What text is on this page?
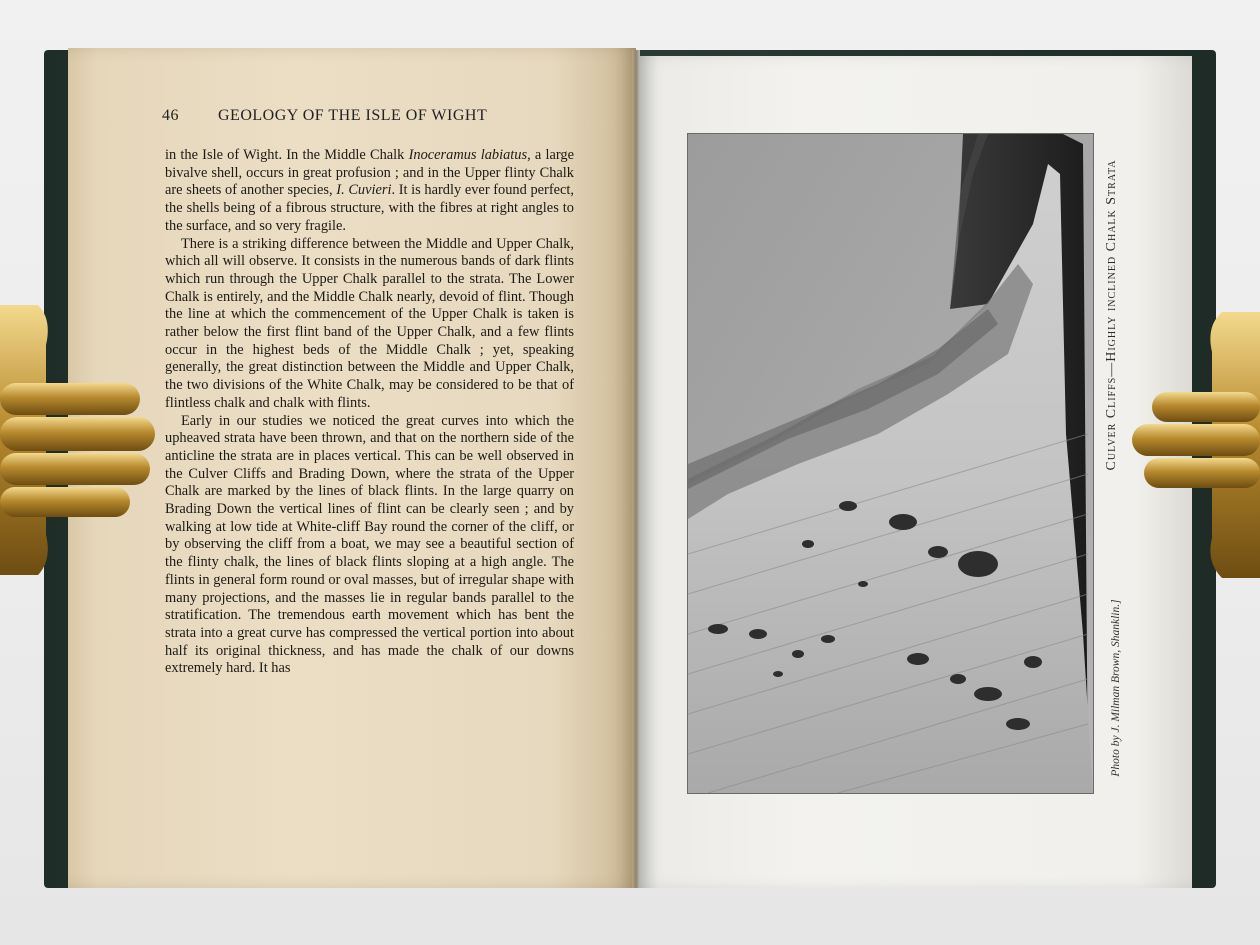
46 GEOLOGY OF THE ISLE OF WIGHT

in the Isle of Wight. In the Middle Chalk Inoceramus labiatus, a large bivalve shell, occurs in great profusion ; and in the Upper flinty Chalk are sheets of another species, I. Cuvieri. It is hardly ever found perfect, the shells being of a fibrous structure, with the fibres at right angles to the surface, and so very fragile.

There is a striking difference between the Middle and Upper Chalk, which all will observe. It consists in the numerous bands of dark flints which run through the Upper Chalk parallel to the strata. The Lower Chalk is entirely, and the Middle Chalk nearly, devoid of flint. Though the line at which the commencement of the Upper Chalk is taken is rather below the first flint band of the Upper Chalk, and a few flints occur in the highest beds of the Middle Chalk ; yet, speaking generally, the great distinction between the Middle and Upper Chalk, the two divisions of the White Chalk, may be considered to be that of flintless chalk and chalk with flints.

Early in our studies we noticed the great curves into which the upheaved strata have been thrown, and that on the northern side of the anticline the strata are in places vertical. This can be well observed in the Culver Cliffs and Brading Down, where the strata of the Upper Chalk are marked by the lines of black flints. In the large quarry on Brading Down the vertical lines of flint can be clearly seen ; and by walking at low tide at White-cliff Bay round the corner of the cliff, or by observing the cliff from a boat, we may see a beautiful section of the flinty chalk, the lines of black flints sloping at a high angle. The flints in general form round or oval masses, but of irregular shape with many projections, and the masses lie in regular bands parallel to the stratification. The tremendous earth movement which has bent the strata into a great curve has compressed the vertical portion into about half its original thickness, and has made the chalk of our downs extremely hard. It has

Culver Cliffs—Highly inclined Chalk Strata
Photo by J. Milman Brown, Shanklin.]
